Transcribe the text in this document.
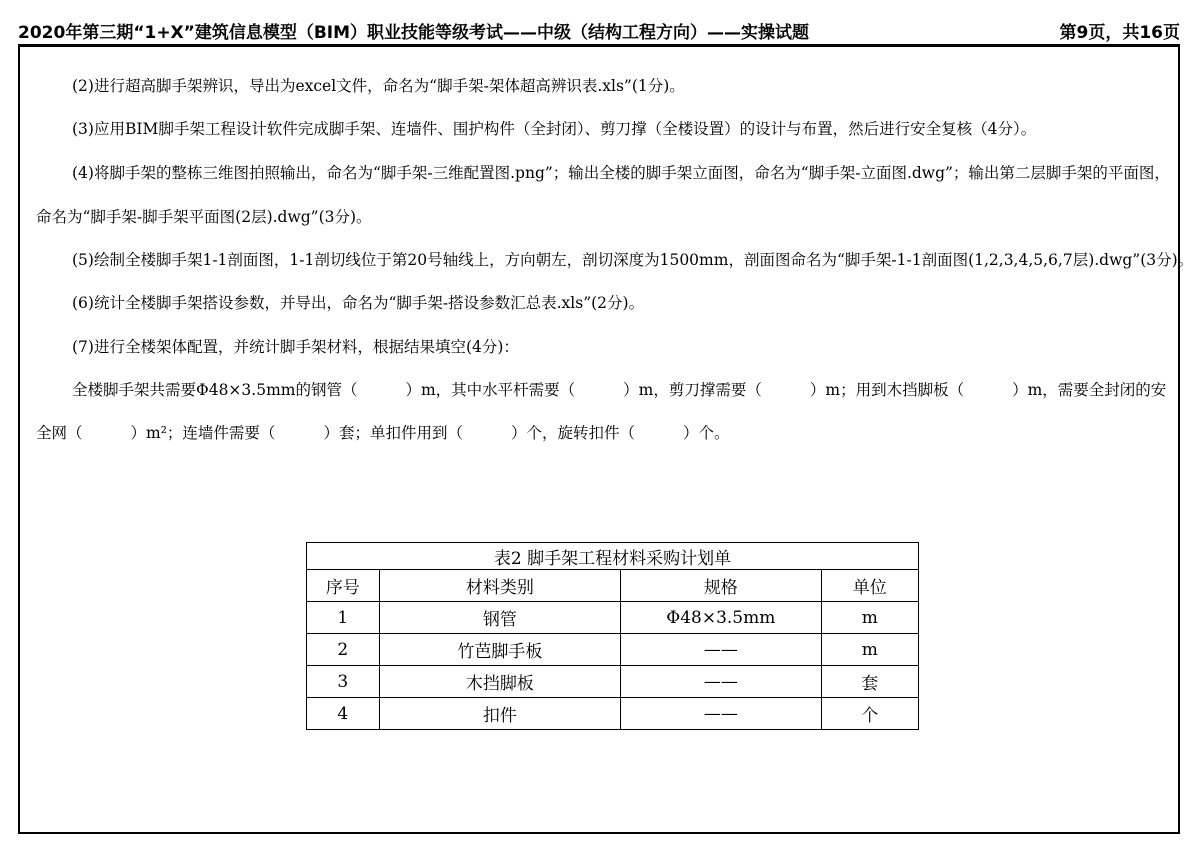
2020年第三期“1+X”建筑信息模型（BIM）职业技能等级考试——中级（结构工程方向）——实操试题	第9页，共16页
(2)进行超高脚手架辨识，导出为excel文件，命名为“脚手架-架体超高辨识表.xls”(1分)。
(3)应用BIM脚手架工程设计软件完成脚手架、连墙件、围护构件（全封闭）、剪刀撑（全楼设置）的设计与布置，然后进行安全复核（4分）。
(4)将脚手架的整栋三维图拍照输出，命名为“脚手架-三维配置图.png”；输出全楼的脚手架立面图，命名为“脚手架-立面图.dwg”；输出第二层脚手架的平面图，
命名为“脚手架-脚手架平面图(2层).dwg”(3分)。
(5)绘制全楼脚手架1-1剖面图，1-1剖切线位于第20号轴线上，方向朝左，剖切深度为1500mm，剖面图命名为“脚手架-1-1剖面图(1,2,3,4,5,6,7层).dwg”(3分)。
(6)统计全楼脚手架搭设参数，并导出，命名为“脚手架-搭设参数汇总表.xls”(2分)。
(7)进行全楼架体配置，并统计脚手架材料，根据结果填空(4分)：
全楼脚手架共需要Φ48×3.5mm的钢管（	）m，其中水平杆需要（	）m，剪刀撑需要（	）m；用到木挡脚板（	）m，需要全封闭的安
全网（	）m²；连墙件需要（	）套；单扣件用到（	）个，旋转扣件（	）个。
表2 脚手架工程材料采购计划单			
序号	材料类别	规格	单位
1	钢管	Φ48×3.5mm	m
2	竹芭脚手板	——	m
3	木挡脚板	——	套
4	扣件	——	个
